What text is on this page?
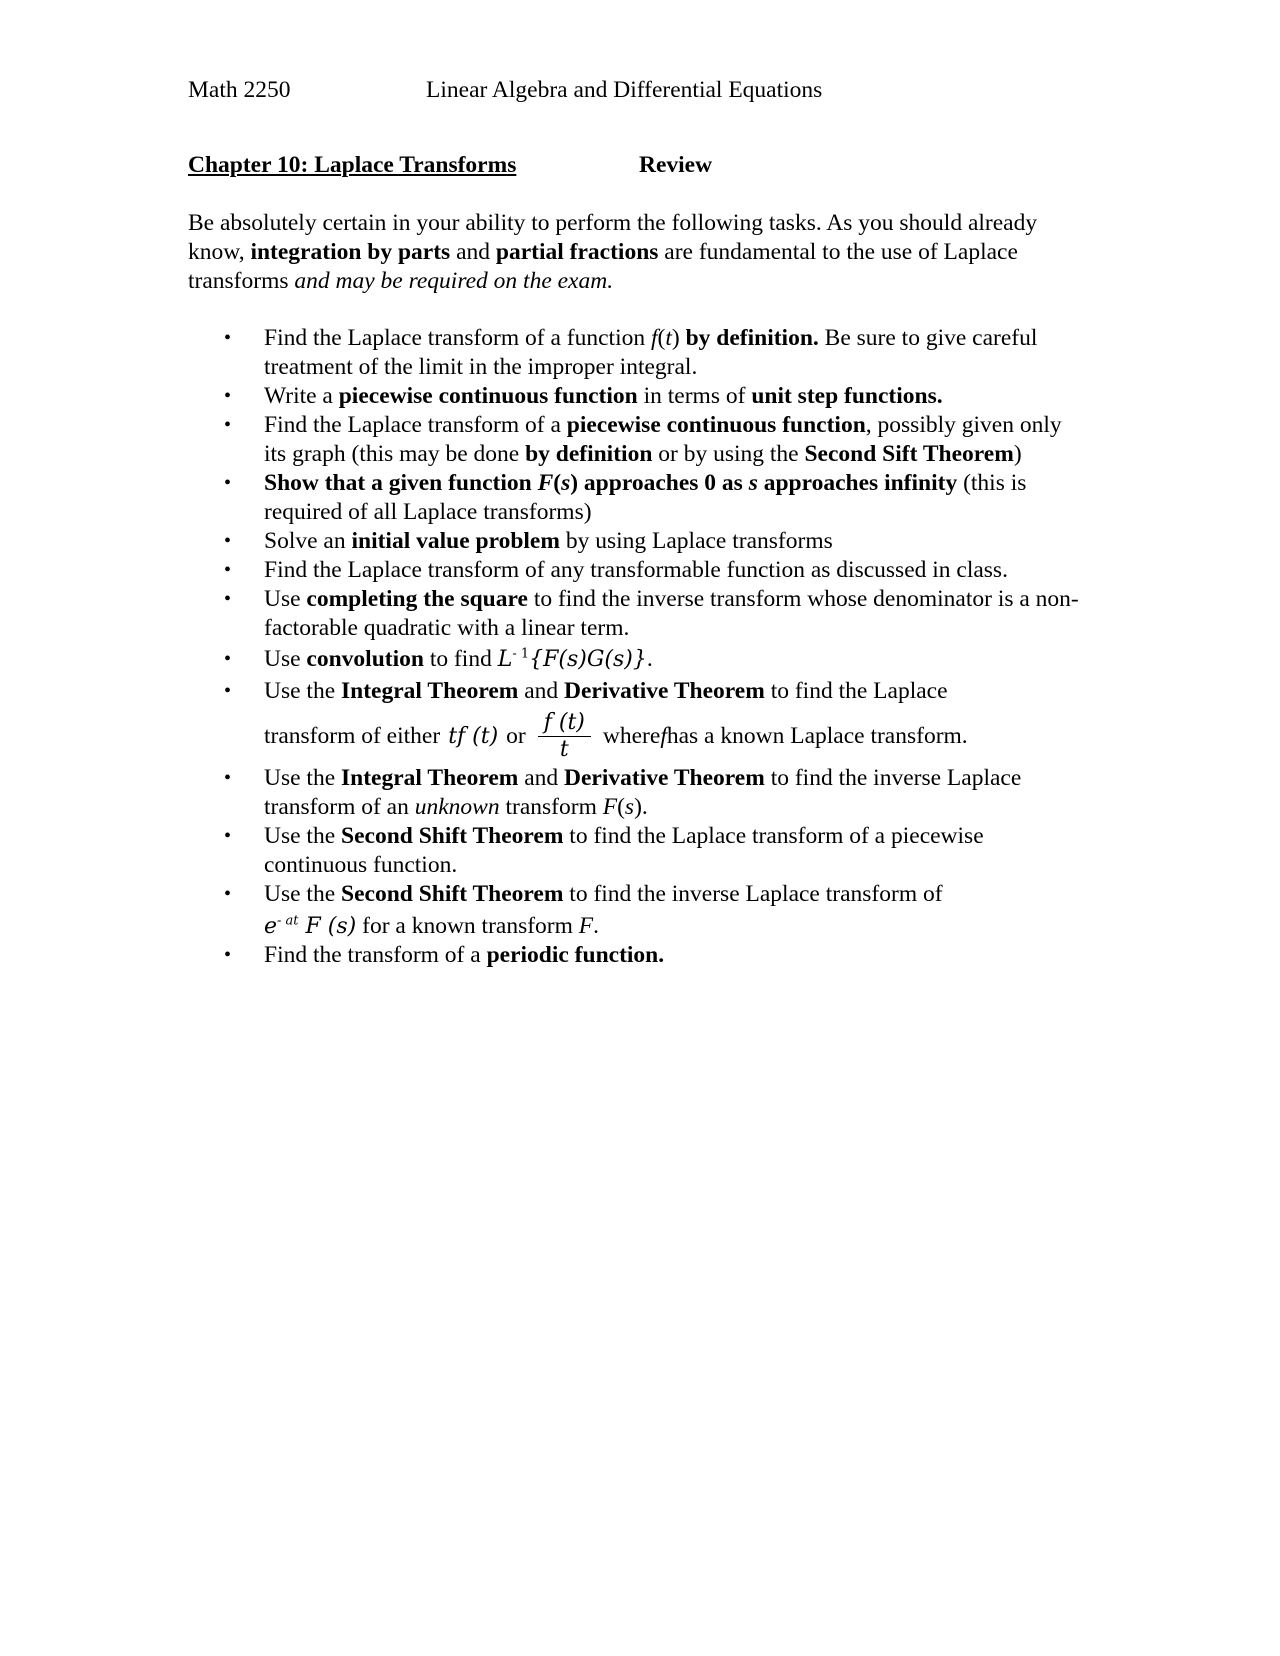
Math 2250	Linear Algebra and Differential Equations
Chapter 10: Laplace Transforms	Review

Be absolutely certain in your ability to perform the following tasks. As you should already know, integration by parts and partial fractions are fundamental to the use of Laplace transforms and may be required on the exam.

• Find the Laplace transform of a function f(t) by definition. Be sure to give careful treatment of the limit in the improper integral.
• Write a piecewise continuous function in terms of unit step functions.
• Find the Laplace transform of a piecewise continuous function, possibly given only its graph (this may be done by definition or by using the Second Sift Theorem)
• Show that a given function F(s) approaches 0 as s approaches infinity (this is required of all Laplace transforms)
• Solve an initial value problem by using Laplace transforms
• Find the Laplace transform of any transformable function as discussed in class.
• Use completing the square to find the inverse transform whose denominator is a non-factorable quadratic with a linear term.
• Use convolution to find $L^{- 1}\{F(s)G(s)\}$.
• Use the Integral Theorem and Derivative Theorem to find the Laplace
transform of either tf (t) or $\frac{f (t)}{t}$ where f has a known Laplace transform.
• Use the Integral Theorem and Derivative Theorem to find the inverse Laplace transform of an unknown transform F(s).
• Use the Second Shift Theorem to find the Laplace transform of a piecewise continuous function.
• Use the Second Shift Theorem to find the inverse Laplace transform of
$e^{- at}$ F (s) for a known transform F.
• Find the transform of a periodic function.
